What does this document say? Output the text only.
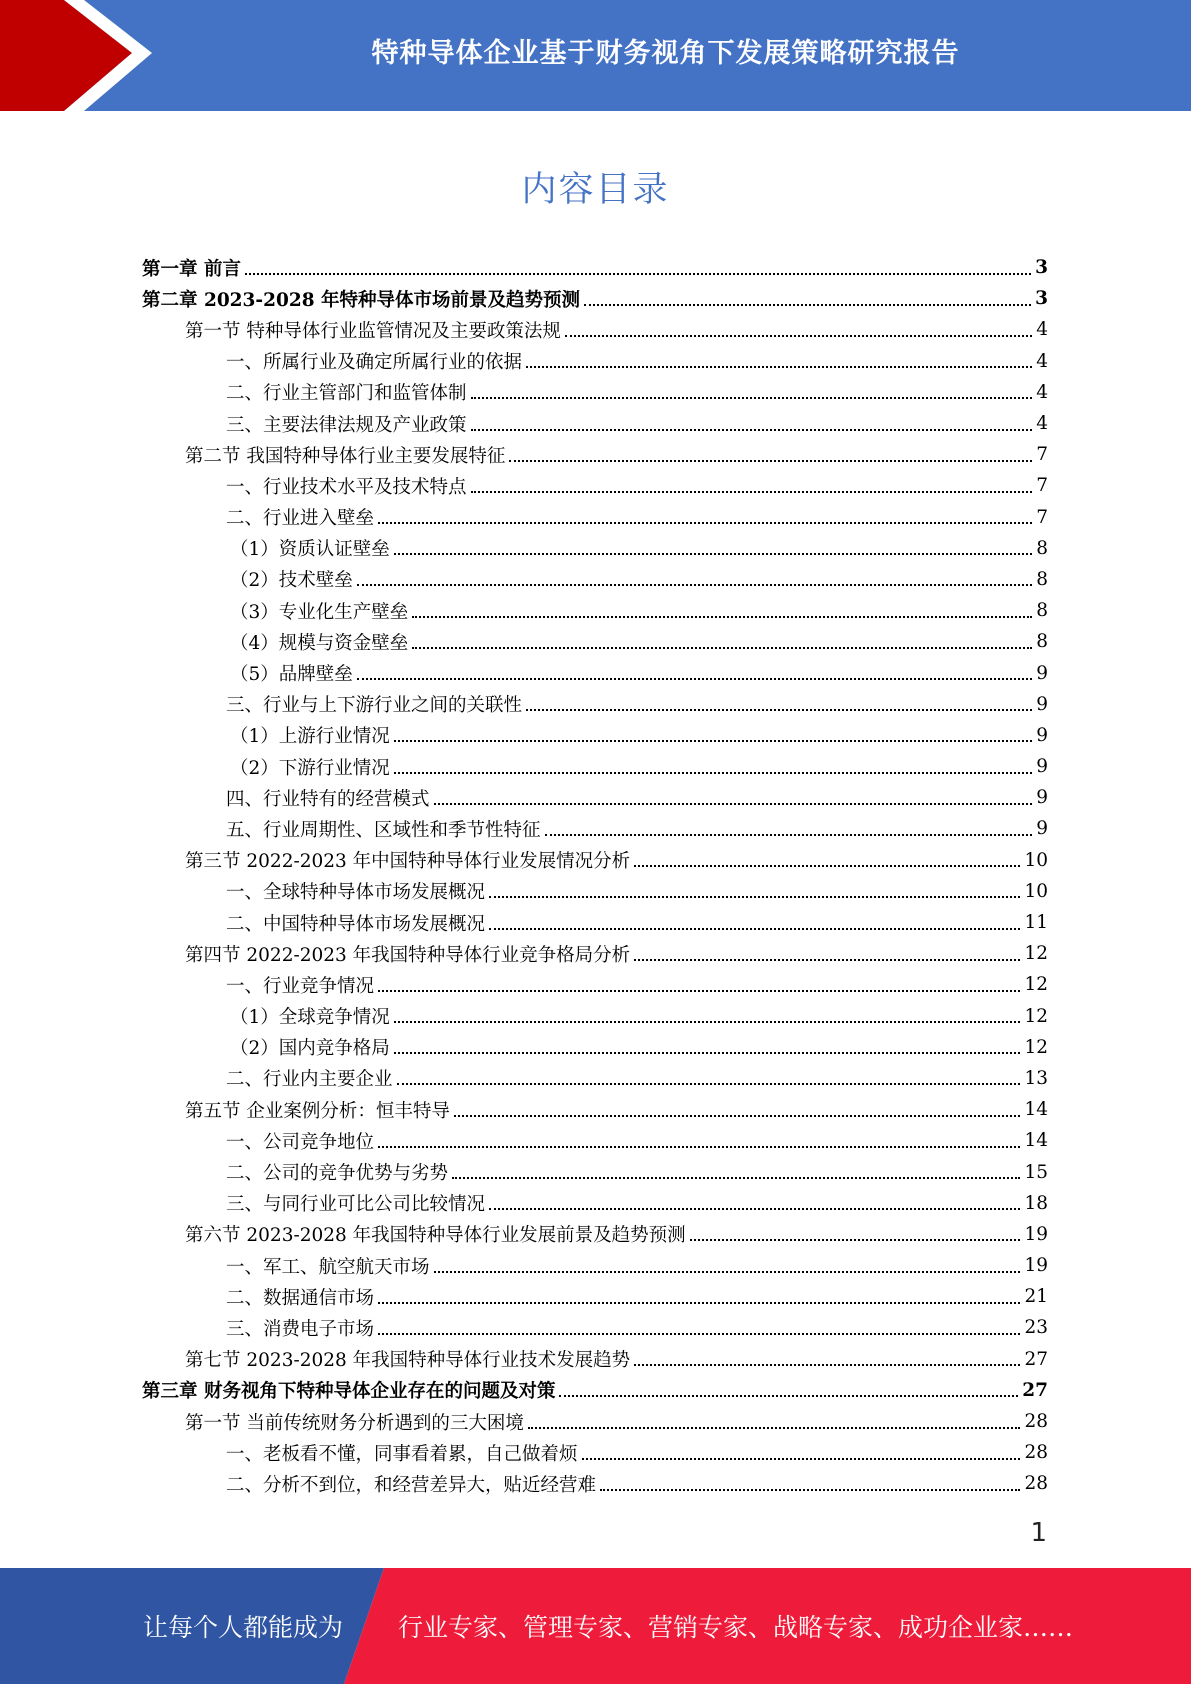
特种导体企业基于财务视角下发展策略研究报告
内容目录
第一章 前言	3
第二章 2023-2028 年特种导体市场前景及趋势预测	3
第一节 特种导体行业监管情况及主要政策法规	4
一、所属行业及确定所属行业的依据	4
二、行业主管部门和监管体制	4
三、主要法律法规及产业政策	4
第二节 我国特种导体行业主要发展特征	7
一、行业技术水平及技术特点	7
二、行业进入壁垒	7
（1）资质认证壁垒	8
（2）技术壁垒	8
（3）专业化生产壁垒	8
（4）规模与资金壁垒	8
（5）品牌壁垒	9
三、行业与上下游行业之间的关联性	9
（1）上游行业情况	9
（2）下游行业情况	9
四、行业特有的经营模式	9
五、行业周期性、区域性和季节性特征	9
第三节 2022-2023 年中国特种导体行业发展情况分析	10
一、全球特种导体市场发展概况	10
二、中国特种导体市场发展概况	11
第四节 2022-2023 年我国特种导体行业竞争格局分析	12
一、行业竞争情况	12
（1）全球竞争情况	12
（2）国内竞争格局	12
二、行业内主要企业	13
第五节 企业案例分析：恒丰特导	14
一、公司竞争地位	14
二、公司的竞争优势与劣势	15
三、与同行业可比公司比较情况	18
第六节 2023-2028 年我国特种导体行业发展前景及趋势预测	19
一、军工、航空航天市场	19
二、数据通信市场	21
三、消费电子市场	23
第七节 2023-2028 年我国特种导体行业技术发展趋势	27
第三章 财务视角下特种导体企业存在的问题及对策	27
第一节 当前传统财务分析遇到的三大困境	28
一、老板看不懂，同事看着累，自己做着烦	28
二、分析不到位，和经营差异大，贴近经营难	28
1
让每个人都能成为 行业专家、管理专家、营销专家、战略专家、成功企业家……
